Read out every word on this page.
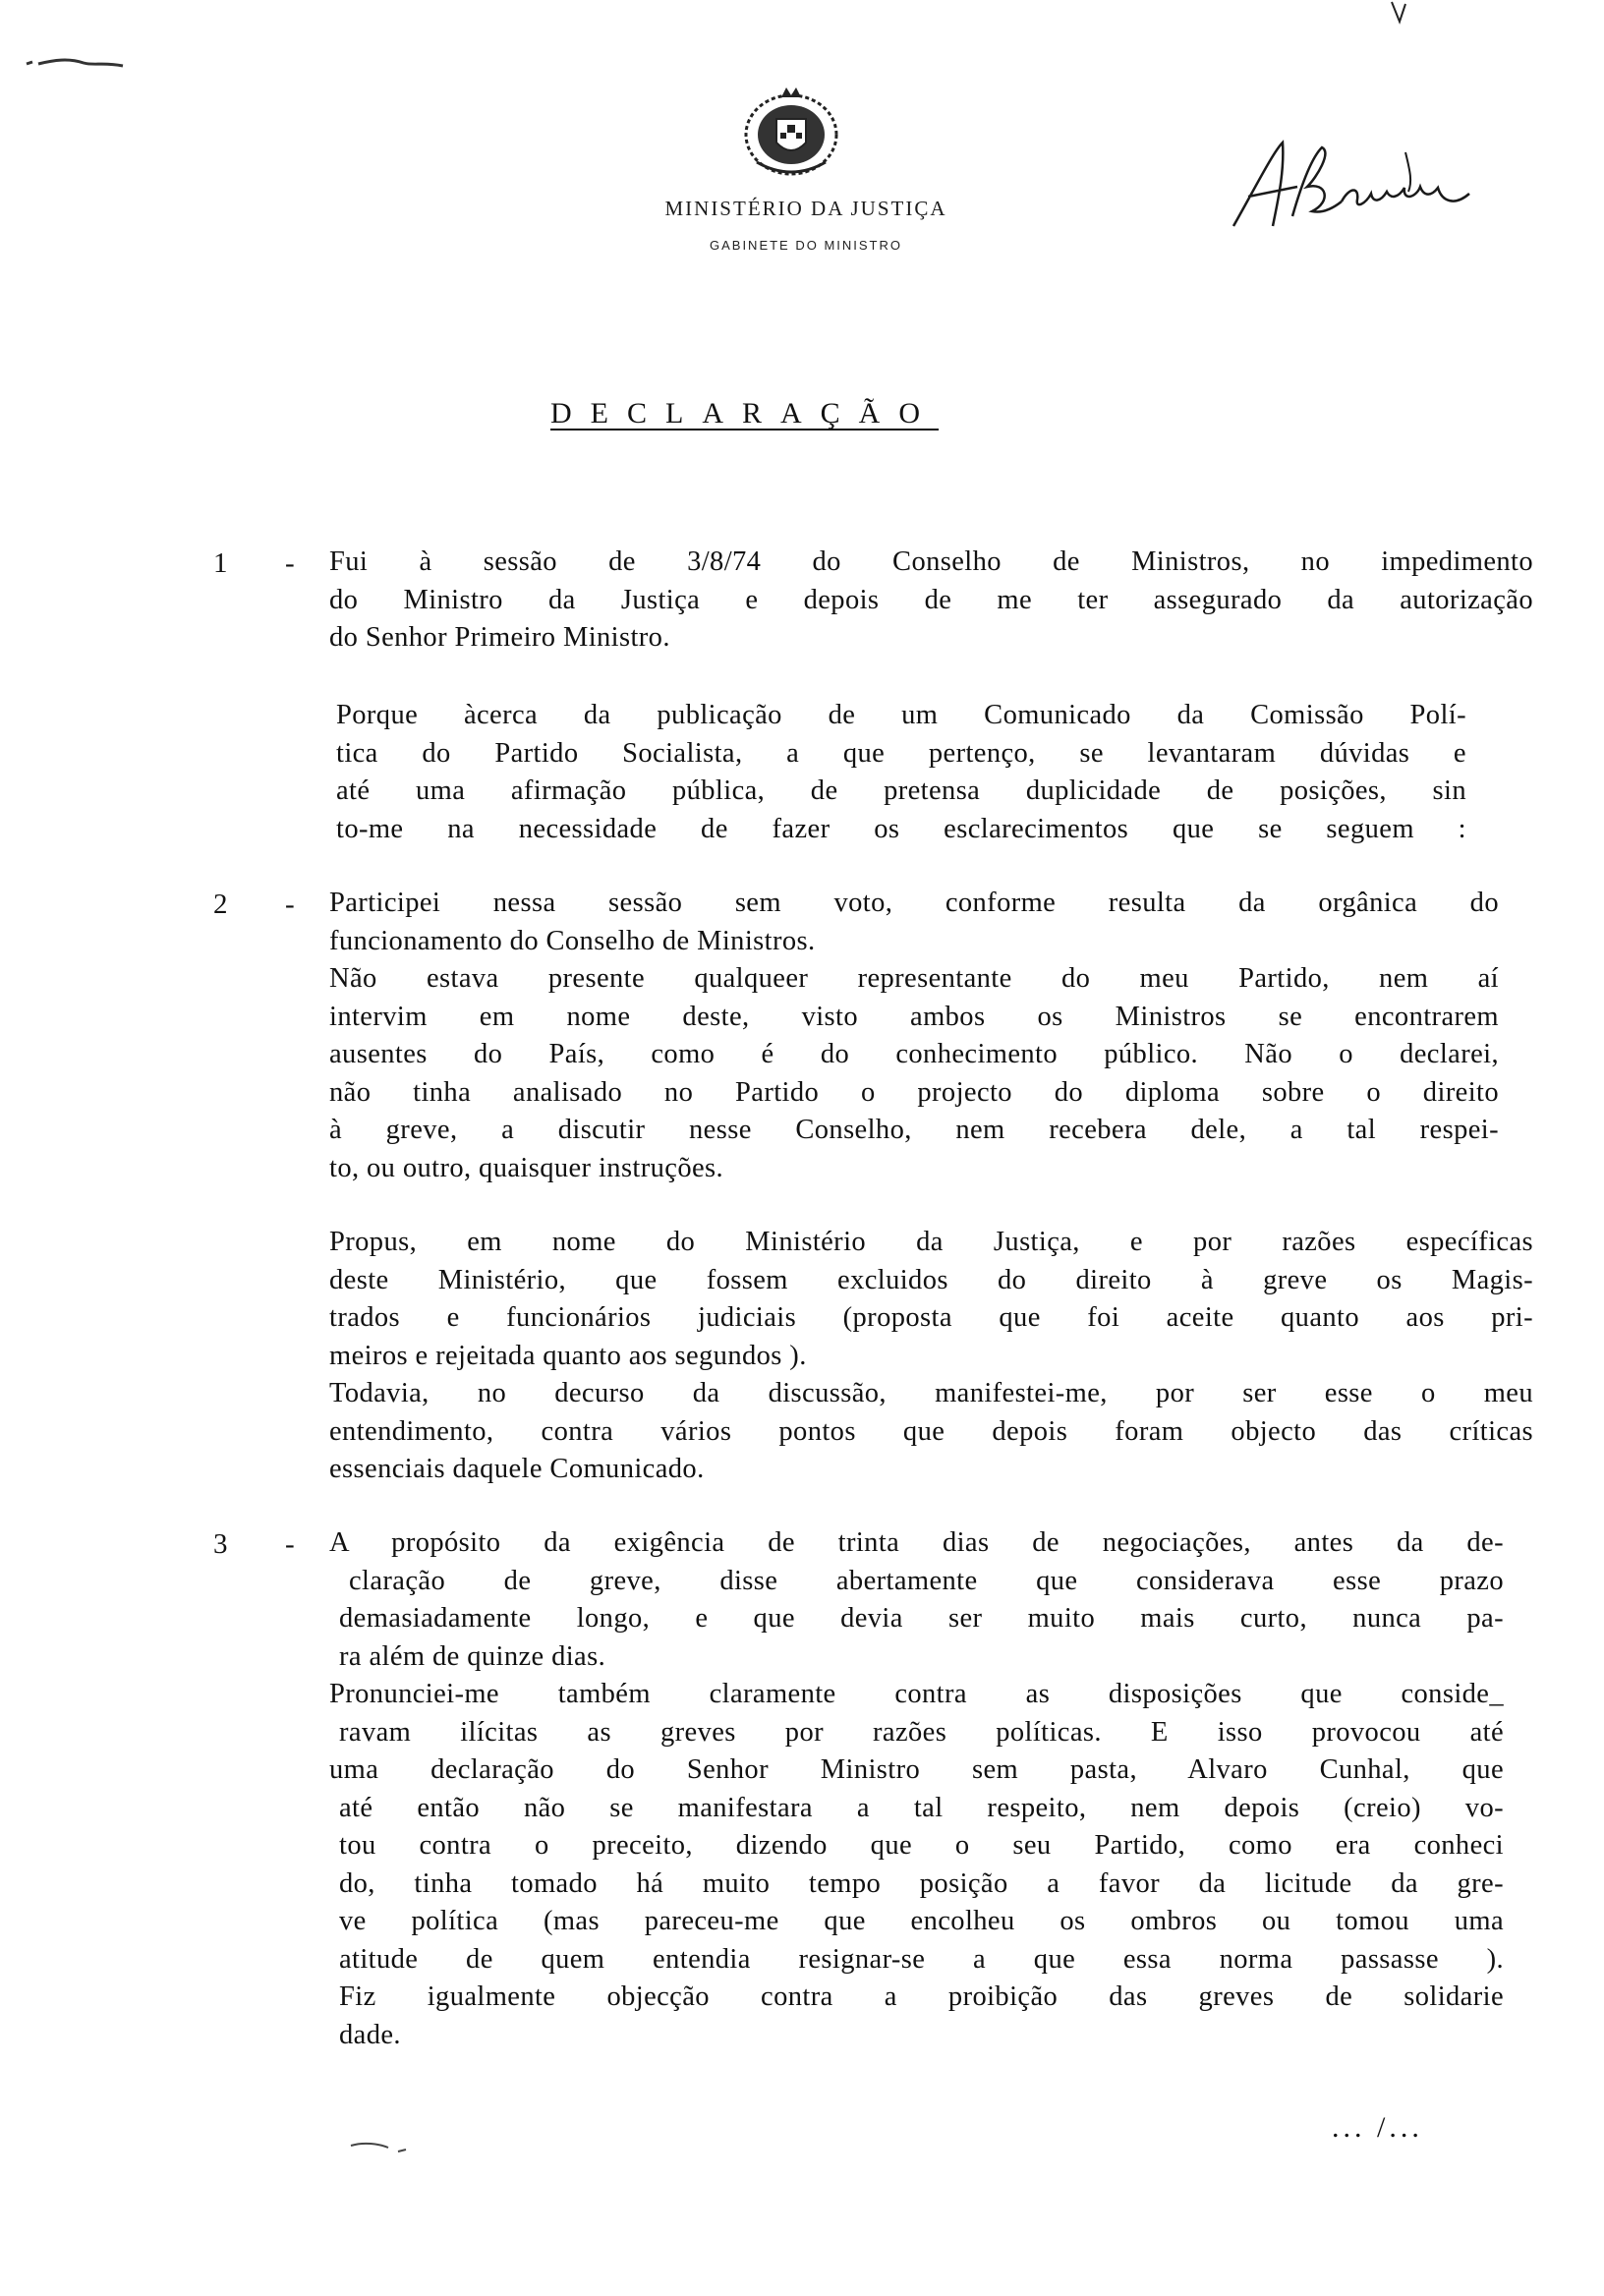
MINISTÉRIO DA JUSTIÇA
GABINETE DO MINISTRO
DECLARAÇÃO
1 - Fui à sessão de 3/8/74 do Conselho de Ministros, no impedimento
do Ministro da Justiça e depois de me ter assegurado da autorização
do Senhor Primeiro Ministro.
Porque àcerca da publicação de um Comunicado da Comissão Polí-
tica do Partido Socialista, a que pertenço, se levantaram dúvidas e
até uma afirmação pública, de pretensa duplicidade de posições, sin
to-me na necessidade de fazer os esclarecimentos que se seguem :
2 - Participei nessa sessão sem voto, conforme resulta da orgânica do
funcionamento do Conselho de Ministros.
Não estava presente qualqueer representante do meu Partido, nem aí
intervim em nome deste, visto ambos os Ministros se encontrarem
ausentes do País, como é do conhecimento público. Não o declarei,
não tinha analisado no Partido o projecto do diploma sobre o direito
à greve, a discutir nesse Conselho, nem recebera dele, a tal respei-
to, ou outro, quaisquer instruções.
Propus, em nome do Ministério da Justiça, e por razões específicas
deste Ministério, que fossem excluidos do direito à greve os Magis-
trados e funcionários judiciais (proposta que foi aceite quanto aos pri-
meiros e rejeitada quanto aos segundos ).
Todavia, no decurso da discussão, manifestei-me, por ser esse o meu
entendimento, contra vários pontos que depois foram objecto das críticas
essenciais daquele Comunicado.
3 - A propósito da exigência de trinta dias de negociações, antes da de-
claração de greve, disse abertamente que considerava esse prazo
demasiadamente longo, e que devia ser muito mais curto, nunca pa-
ra além de quinze dias.
Pronunciei-me também claramente contra as disposições que conside_
ravam ilícitas as greves por razões políticas. E isso provocou até
uma declaração do Senhor Ministro sem pasta, Alvaro Cunhal, que
até então não se manifestara a tal respeito, nem depois (creio) vo-
tou contra o preceito, dizendo que o seu Partido, como era conheci
do, tinha tomado há muito tempo posição a favor da licitude da gre-
ve política (mas pareceu-me que encolheu os ombros ou tomou uma
atitude de quem entendia resignar-se a que essa norma passasse ).
Fiz igualmente objecção contra a proibição das greves de solidarie
dade.
... /...
